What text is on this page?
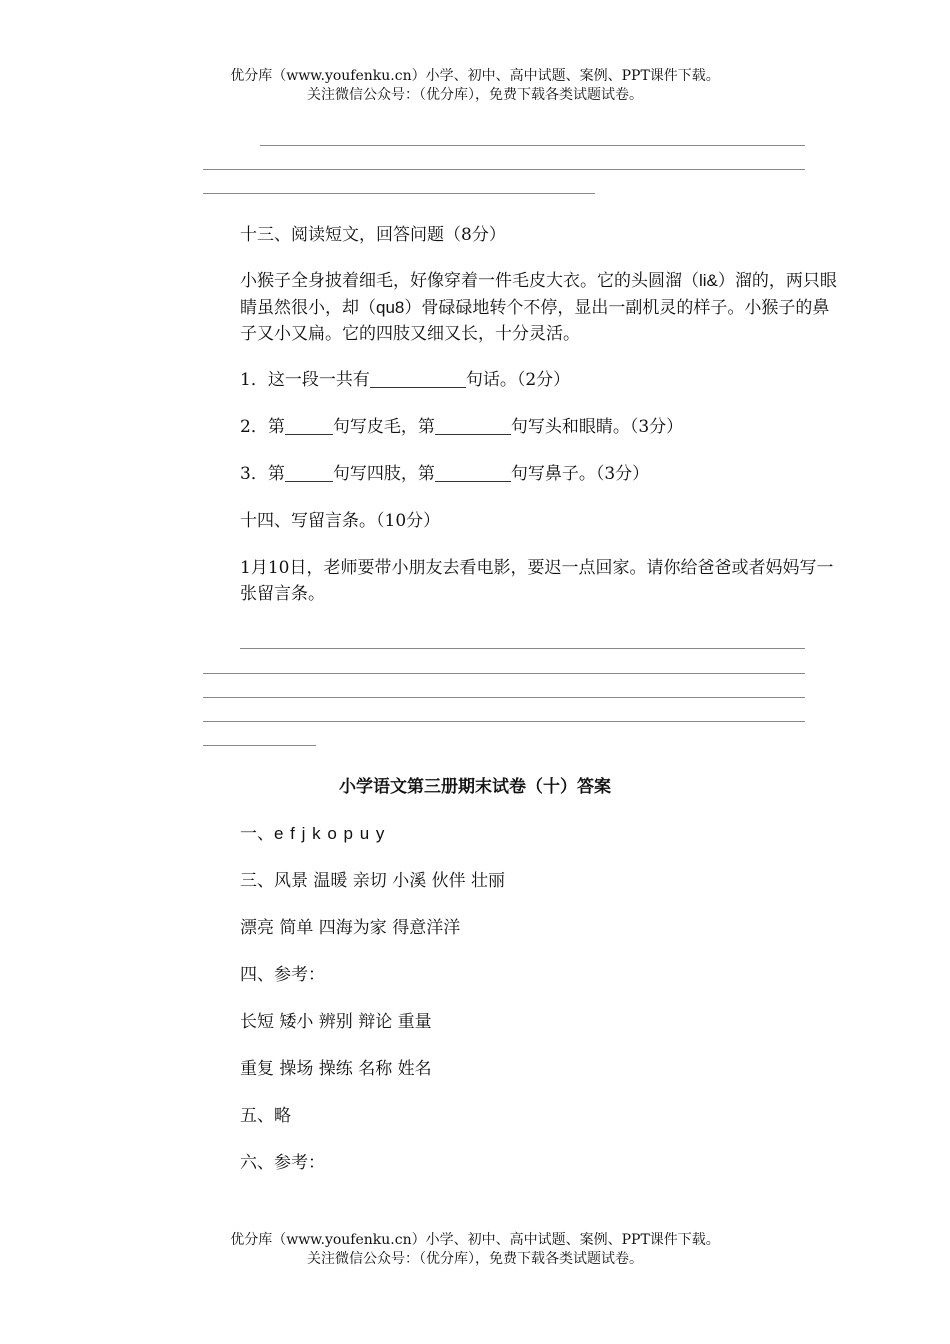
优分库（www.youfenku.cn）小学、初中、高中试题、案例、PPT课件下载。
关注微信公众号：（优分库），免费下载各类试题试卷。
十三、阅读短文，回答问题（8分）
小猴子全身披着细毛，好像穿着一件毛皮大衣。它的头圆溜（li&）溜的，两只眼睛虽然很小，却（qu8）骨碌碌地转个不停，显出一副机灵的样子。小猴子的鼻子又小又扁。它的四肢又细又长，十分灵活。
1．这一段一共有	句话。（2分）
2．第	句写皮毛，第	句写头和眼睛。（3分）
3．第	句写四肢，第	句写鼻子。（3分）
十四、写留言条。（10分）
1月10日，老师要带小朋友去看电影，要迟一点回家。请你给爸爸或者妈妈写一张留言条。
小学语文第三册期末试卷（十）答案
一、e f j k o p u y
三、风景 温暖 亲切 小溪 伙伴 壮丽
漂亮 简单 四海为家 得意洋洋
四、参考：
长短 矮小 辨别 辩论 重量
重复 操场 操练 名称 姓名
五、略
六、参考：
优分库（www.youfenku.cn）小学、初中、高中试题、案例、PPT课件下载。
关注微信公众号：（优分库），免费下载各类试题试卷。
